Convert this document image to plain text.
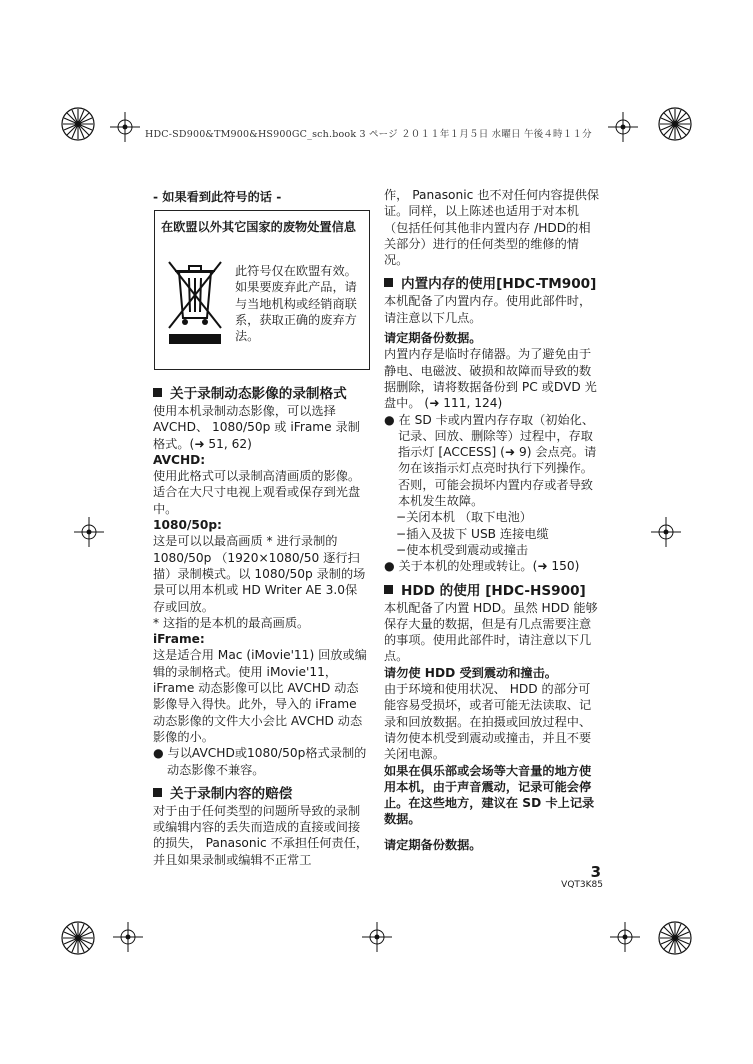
HDC-SD900&TM900&HS900GC_sch.book 3 ページ ２０１１年１月５日 水曜日 午後４時１１分

- 如果看到此符号的话 -

在欧盟以外其它国家的废物处置信息

此符号仅在欧盟有效。

如果要废弃此产品，请与当地机构或经销商联系，获取正确的废弃方法。

关于录制动态影像的录制格式

使用本机录制动态影像，可以选择AVCHD、 1080/50p 或 iFrame 录制格式。(➜ 51, 62)

AVCHD:

使用此格式可以录制高清画质的影像。适合在大尺寸电视上观看或保存到光盘中。

1080/50p:

这是可以以最高画质 * 进行录制的1080/50p （1920×1080/50 逐行扫描）录制模式。以 1080/50p 录制的场景可以用本机或 HD Writer AE 3.0保存或回放。

* 这指的是本机的最高画质。

iFrame:

这是适合用 Mac (iMovie'11) 回放或编辑的录制格式。使用 iMovie'11，iFrame 动态影像可以比 AVCHD 动态影像导入得快。此外，导入的 iFrame 动态影像的文件大小会比 AVCHD 动态影像的小。

● 与以AVCHD或1080/50p格式录制的动态影像不兼容。

关于录制内容的赔偿

对于由于任何类型的问题所导致的录制或编辑内容的丢失而造成的直接或间接的损失， Panasonic 不承担任何责任，并且如果录制或编辑不正常工

作， Panasonic 也不对任何内容提供保证。同样，以上陈述也适用于对本机 （包括任何其他非内置内存 /HDD的相关部分）进行的任何类型的维修的情况。

内置内存的使用[HDC-TM900]

本机配备了内置内存。使用此部件时，请注意以下几点。

请定期备份数据。

内置内存是临时存储器。为了避免由于静电、电磁波、破损和故障而导致的数据删除，请将数据备份到 PC 或DVD 光盘中。 (➜ 111, 124)

● 在 SD 卡或内置内存存取（初始化、记录、回放、删除等）过程中，存取指示灯 [ACCESS] (➜ 9) 会点亮。请勿在该指示灯点亮时执行下列操作。否则，可能会损坏内置内存或者导致本机发生故障。

−关闭本机 （取下电池）

−插入及拔下 USB 连接电缆

−使本机受到震动或撞击

● 关于本机的处理或转让。(➜ 150)

HDD 的使用 [HDC-HS900]

本机配备了内置 HDD。虽然 HDD 能够保存大量的数据，但是有几点需要注意的事项。使用此部件时，请注意以下几点。

请勿使 HDD 受到震动和撞击。

由于环境和使用状况、 HDD 的部分可能容易受损坏，或者可能无法读取、记录和回放数据。在拍摄或回放过程中、请勿使本机受到震动或撞击，并且不要关闭电源。

如果在俱乐部或会场等大音量的地方使用本机，由于声音震动，记录可能会停止。在这些地方，建议在 SD 卡上记录数据。

请定期备份数据。

3
VQT3K85
